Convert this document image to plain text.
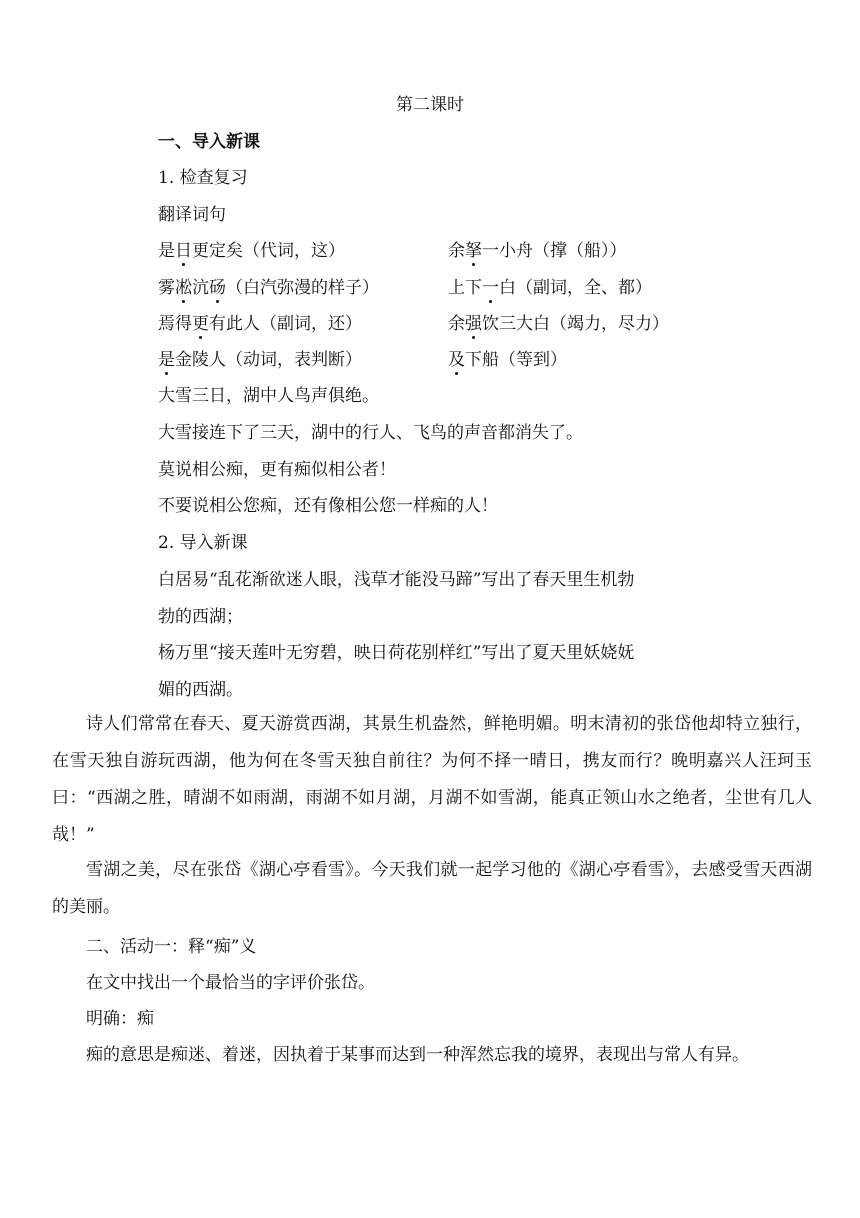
第二课时
一、导入新课
1. 检查复习
翻译词句
是日更定矣（代词，这）	余拏一小舟（撑（船））
雾凇沆砀（白汽弥漫的样子）	上下一白（副词，全、都）
焉得更有此人（副词，还）	余强饮三大白（竭力，尽力）
是金陵人（动词，表判断）	及下船（等到）
大雪三日，湖中人鸟声俱绝。
大雪接连下了三天，湖中的行人、飞鸟的声音都消失了。
莫说相公痴，更有痴似相公者！
不要说相公您痴，还有像相公您一样痴的人！
2. 导入新课
白居易“乱花渐欲迷人眼，浅草才能没马蹄”写出了春天里生机勃
勃的西湖；
杨万里“接天莲叶无穷碧，映日荷花别样红”写出了夏天里妖娆妩
媚的西湖。
诗人们常常在春天、夏天游赏西湖，其景生机盎然，鲜艳明媚。明末清初的张岱他却特立独行，在雪天独自游玩西湖，他为何在冬雪天独自前往？为何不择一晴日，携友而行？晚明嘉兴人汪珂玉曰：“西湖之胜，晴湖不如雨湖，雨湖不如月湖，月湖不如雪湖，能真正领山水之绝者，尘世有几人哉！”
雪湖之美，尽在张岱《湖心亭看雪》。今天我们就一起学习他的《湖心亭看雪》，去感受雪天西湖的美丽。
二、活动一：释“痴”义
在文中找出一个最恰当的字评价张岱。
明确：痴
痴的意思是痴迷、着迷，因执着于某事而达到一种浑然忘我的境界，表现出与常人有异。
